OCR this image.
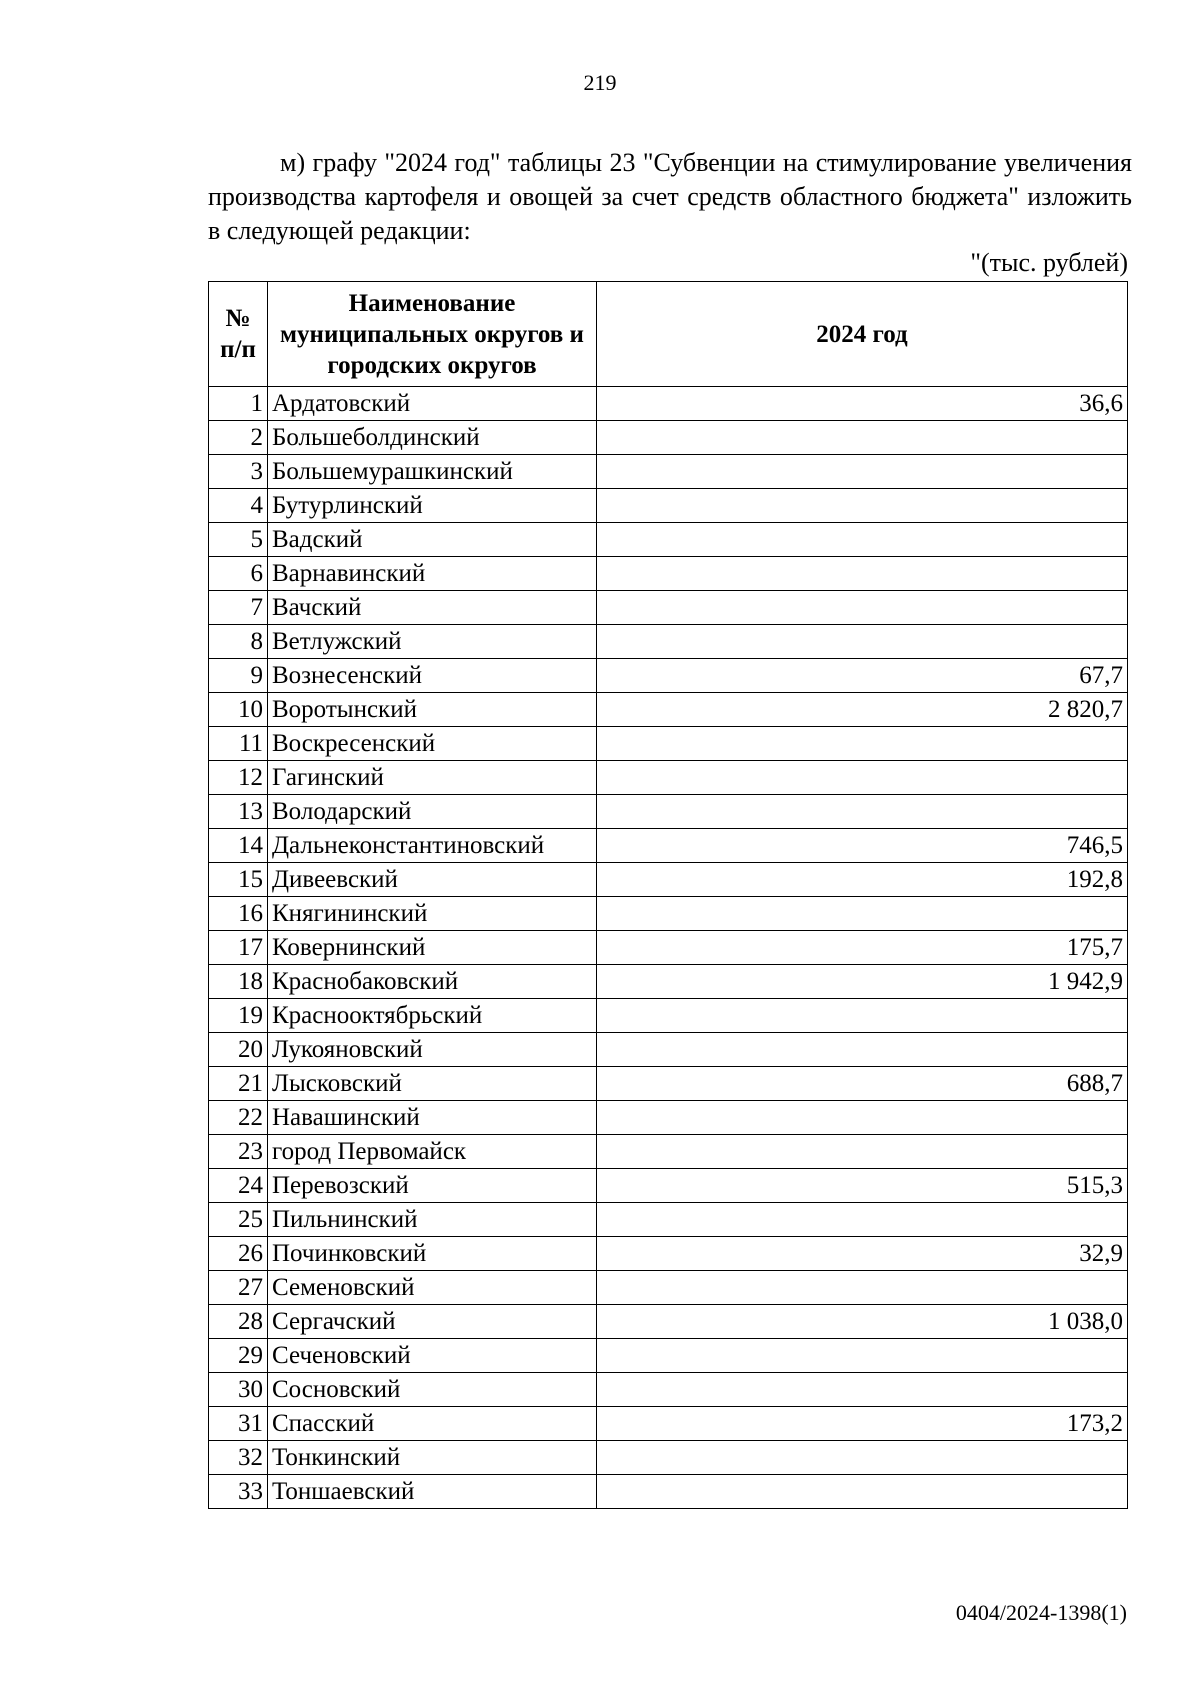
219
м) графу "2024 год" таблицы 23 "Субвенции на стимулирование увеличения производства картофеля и овощей за счет средств областного бюджета" изложить в следующей редакции:
"(тыс. рублей)
№ п/п	Наименование муниципальных округов и городских округов	2024 год
1	Ардатовский	36,6
2	Большеболдинский	
3	Большемурашкинский	
4	Бутурлинский	
5	Вадский	
6	Варнавинский	
7	Вачский	
8	Ветлужский	
9	Вознесенский	67,7
10	Воротынский	2 820,7
11	Воскресенский	
12	Гагинский	
13	Володарский	
14	Дальнеконстантиновский	746,5
15	Дивеевский	192,8
16	Княгининский	
17	Ковернинский	175,7
18	Краснобаковский	1 942,9
19	Краснооктябрьский	
20	Лукояновский	
21	Лысковский	688,7
22	Навашинский	
23	город Первомайск	
24	Перевозский	515,3
25	Пильнинский	
26	Починковский	32,9
27	Семеновский	
28	Сергачский	1 038,0
29	Сеченовский	
30	Сосновский	
31	Спасский	173,2
32	Тонкинский	
33	Тоншаевский	
0404/2024-1398(1)
